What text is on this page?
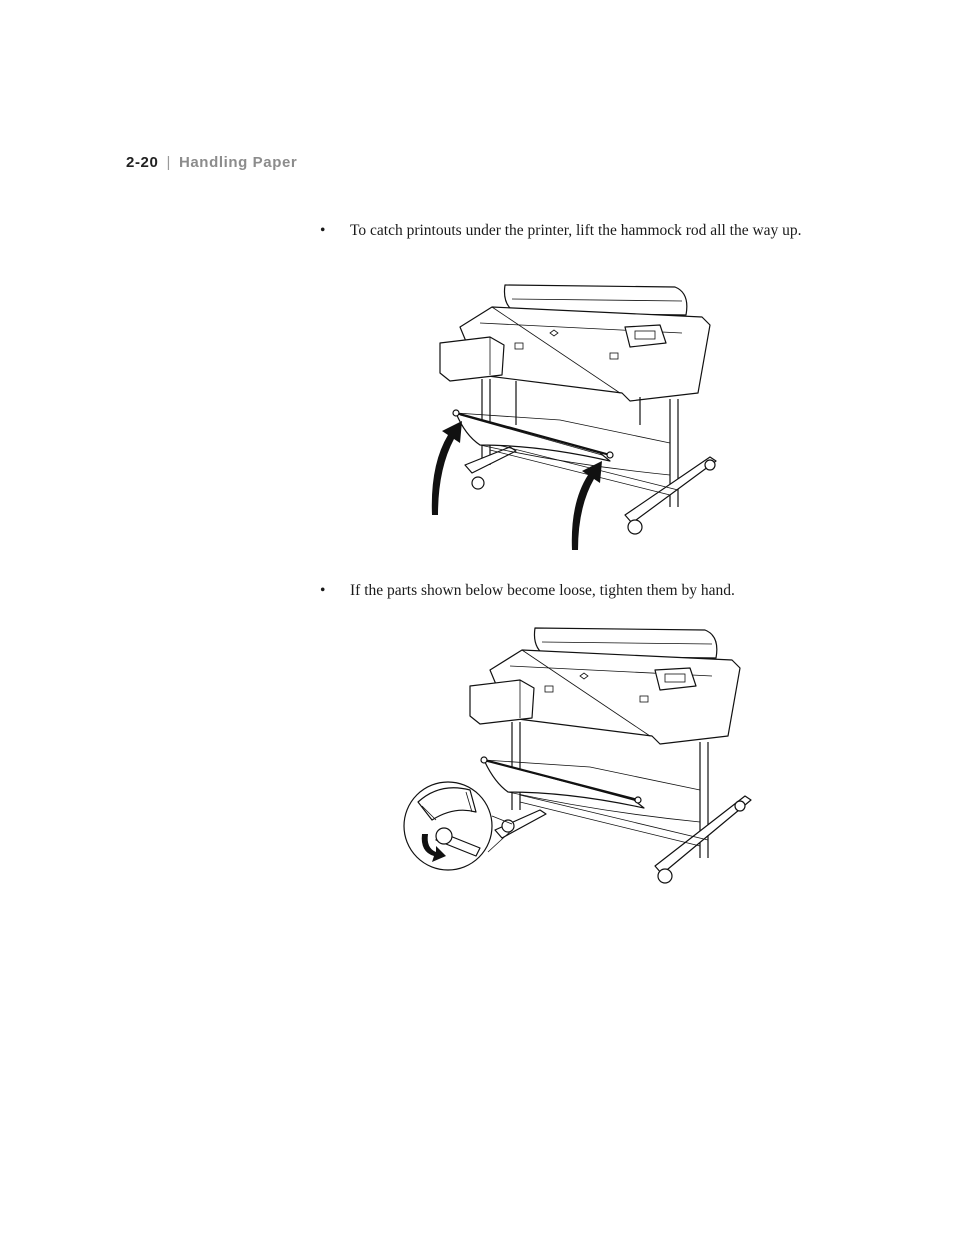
2-20 | Handling Paper
• To catch printouts under the printer, lift the hammock rod all the way up.
• If the parts shown below become loose, tighten them by hand.
